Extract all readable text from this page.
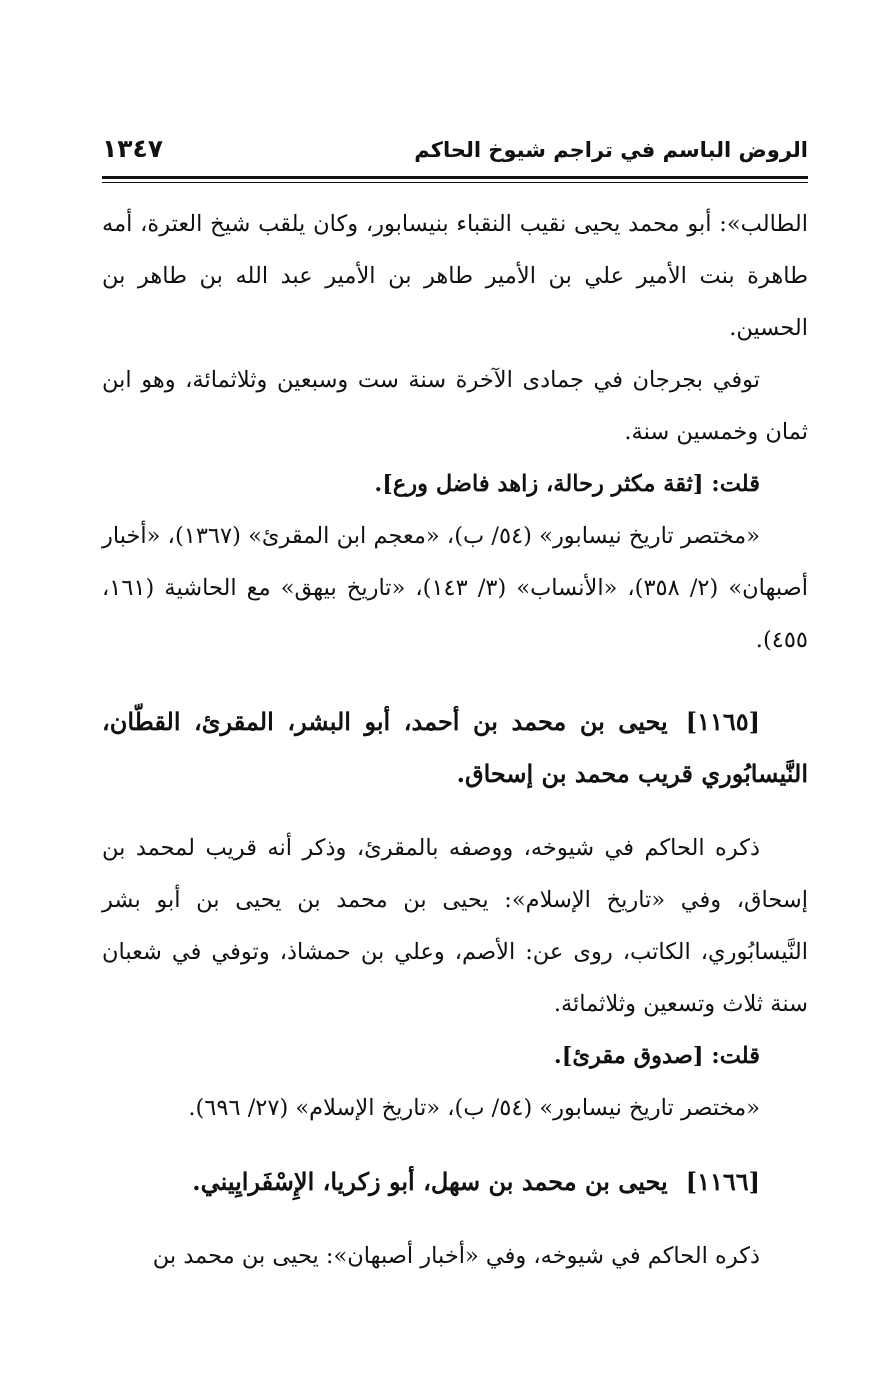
الروض الباسم في تراجم شيوخ الحاكم
١٣٤٧

الطالب»: أبو محمد يحيى نقيب النقباء بنيسابور، وكان يلقب شيخ العترة، أمه طاهرة بنت الأمير علي بن الأمير طاهر بن الأمير عبد الله بن طاهر بن الحسين.

توفي بجرجان في جمادى الآخرة سنة ست وسبعين وثلاثمائة، وهو ابن ثمان وخمسين سنة.

قلت: [ثقة مكثر رحالة، زاهد فاضل ورع].

«مختصر تاريخ نيسابور» (٥٤/ ب)، «معجم ابن المقرئ» (١٣٦٧)، «أخبار أصبهان» (٢/ ٣٥٨)، «الأنساب» (٣/ ١٤٣)، «تاريخ بيهق» مع الحاشية (١٦١، ٤٥٥).

[١١٦٥]يحيى بن محمد بن أحمد، أبو البشر، المقرئ، القطّان، النَّيسابُوري قريب محمد بن إسحاق.

ذكره الحاكم في شيوخه، ووصفه بالمقرئ، وذكر أنه قريب لمحمد بن إسحاق، وفي «تاريخ الإسلام»: يحيى بن محمد بن يحيى بن أبو بشر النَّيسابُوري، الكاتب، روى عن: الأصم، وعلي بن حمشاذ، وتوفي في شعبان سنة ثلاث وتسعين وثلاثمائة.

قلت: [صدوق مقرئ].

«مختصر تاريخ نيسابور» (٥٤/ ب)، «تاريخ الإسلام» (٢٧/ ٦٩٦).

[١١٦٦]يحيى بن محمد بن سهل، أبو زكريا، الإِسْفَرايِيني.

ذكره الحاكم في شيوخه، وفي «أخبار أصبهان»: يحيى بن محمد بن
